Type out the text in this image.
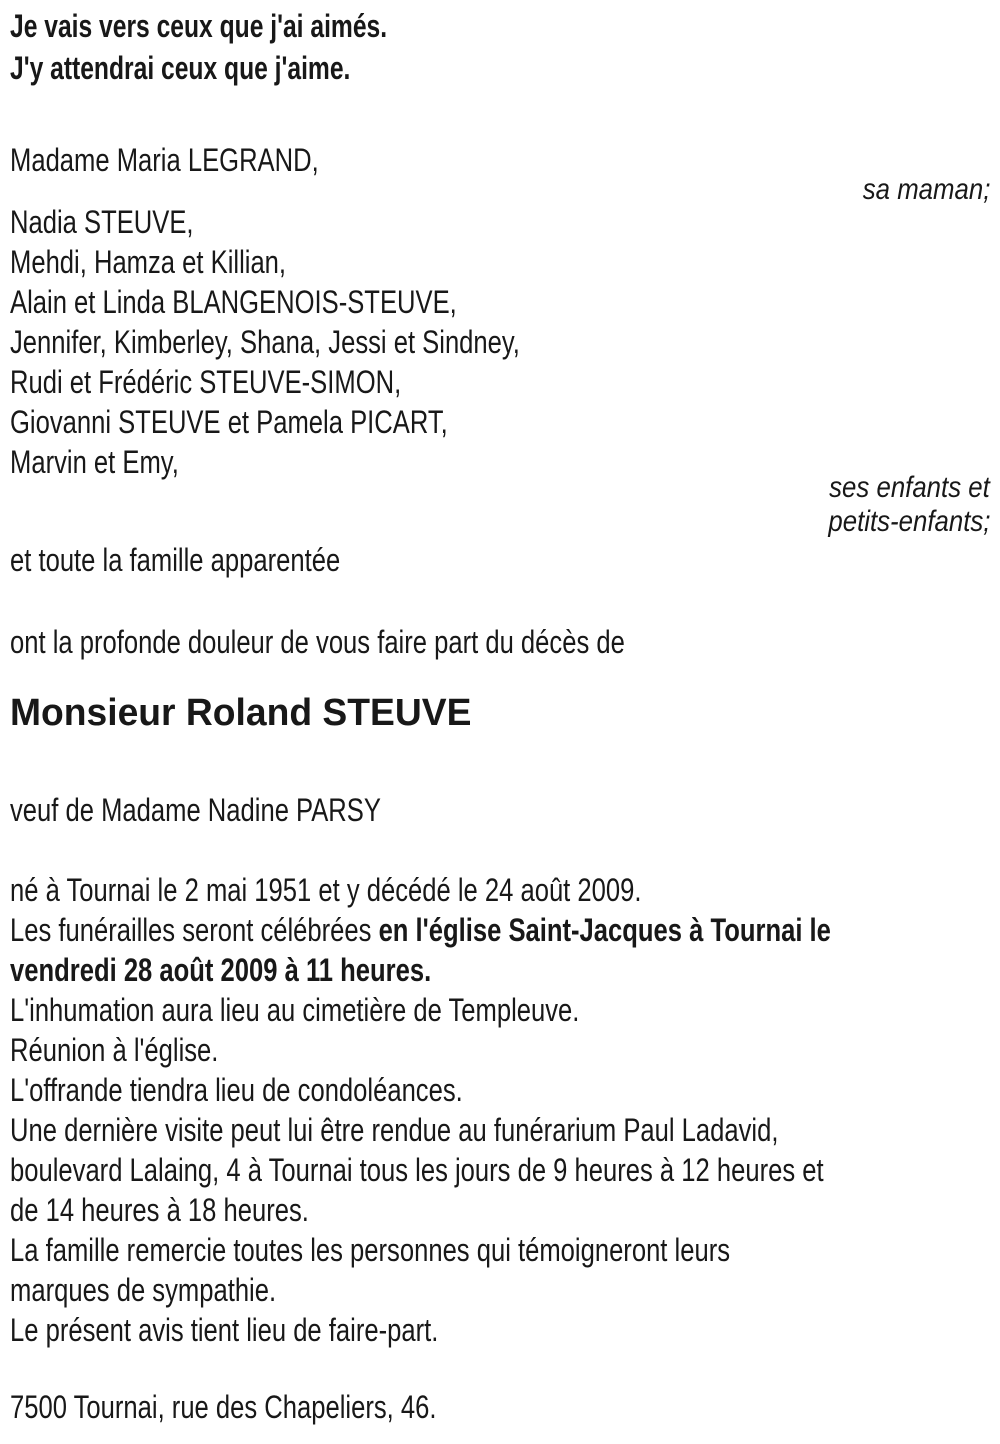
Je vais vers ceux que j'ai aimés.
J'y attendrai ceux que j'aime.
Madame Maria LEGRAND,
sa maman;
Nadia STEUVE,
Mehdi, Hamza et Killian,
Alain et Linda BLANGENOIS-STEUVE,
Jennifer, Kimberley, Shana, Jessi et Sindney,
Rudi et Frédéric STEUVE-SIMON,
Giovanni STEUVE et Pamela PICART,
Marvin et Emy,
ses enfants et
petits-enfants;
et toute la famille apparentée
ont la profonde douleur de vous faire part du décès de
Monsieur Roland STEUVE
veuf de Madame Nadine PARSY
né à Tournai le 2 mai 1951 et y décédé le 24 août 2009.
Les funérailles seront célébrées en l'église Saint-Jacques à Tournai le
vendredi 28 août 2009 à 11 heures.
L'inhumation aura lieu au cimetière de Templeuve.
Réunion à l'église.
L'offrande tiendra lieu de condoléances.
Une dernière visite peut lui être rendue au funérarium Paul Ladavid,
boulevard Lalaing, 4 à Tournai tous les jours de 9 heures à 12 heures et
de 14 heures à 18 heures.
La famille remercie toutes les personnes qui témoigneront leurs
marques de sympathie.
Le présent avis tient lieu de faire-part.
7500 Tournai, rue des Chapeliers, 46.
